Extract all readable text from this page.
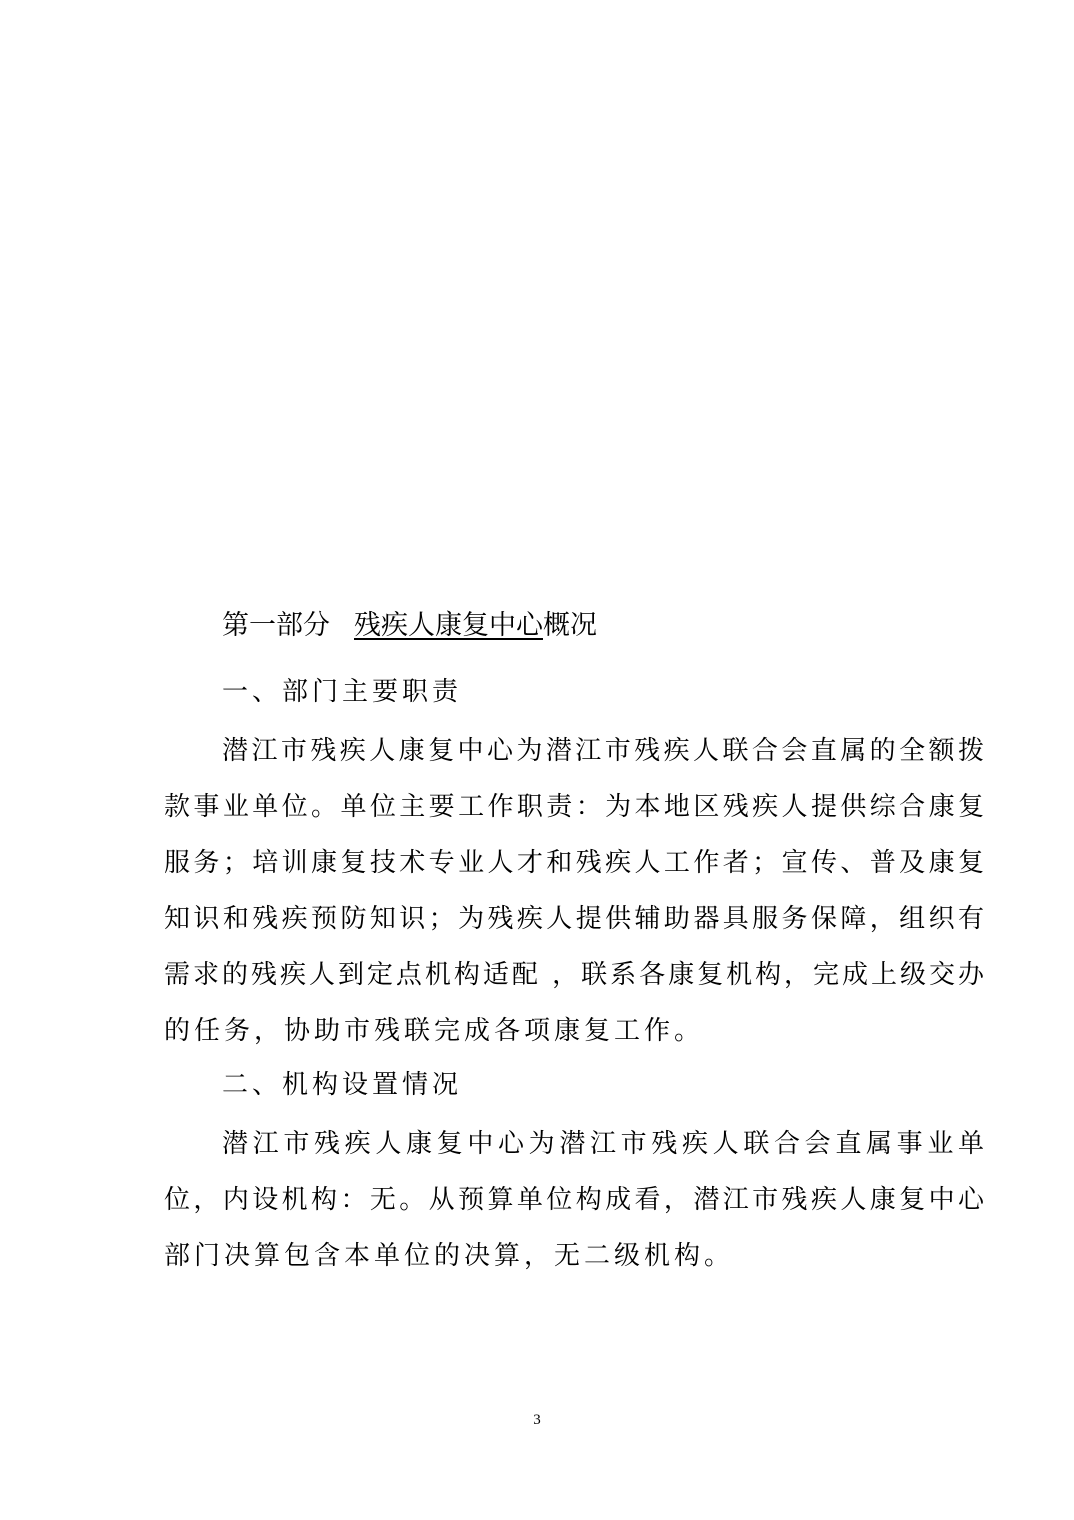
第一部分 残疾人康复中心概况
一、部门主要职责
潜江市残疾人康复中心为潜江市残疾人联合会直属的全额拨
款事业单位。单位主要工作职责：为本地区残疾人提供综合康复
服务；培训康复技术专业人才和残疾人工作者；宣传、普及康复
知识和残疾预防知识；为残疾人提供辅助器具服务保障，组织有
需求的残疾人到定点机构适配 ，联系各康复机构，完成上级交办
的任务，协助市残联完成各项康复工作。
二、机构设置情况
潜江市残疾人康复中心为潜江市残疾人联合会直属事业单
位，内设机构：无。从预算单位构成看，潜江市残疾人康复中心
部门决算包含本单位的决算，无二级机构。
3
